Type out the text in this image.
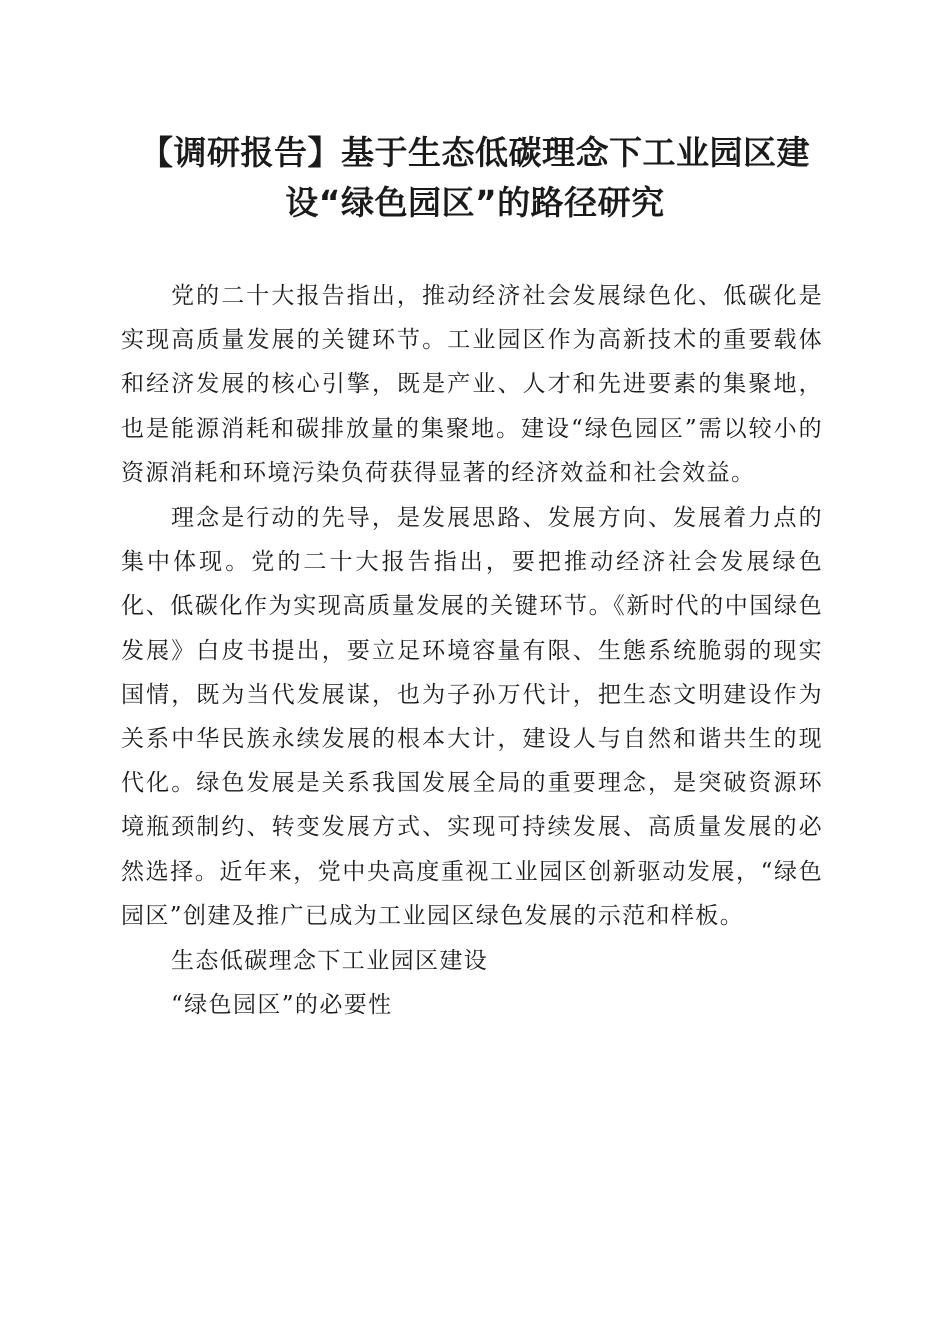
【调研报告】基于生态低碳理念下工业园区建
设“绿色园区”的路径研究

党的二十大报告指出，推动经济社会发展绿色化、低碳化是实现高质量发展的关键环节。工业园区作为高新技术的重要载体和经济发展的核心引擎，既是产业、人才和先进要素的集聚地，也是能源消耗和碳排放量的集聚地。建设“绿色园区”需以较小的资源消耗和环境污染负荷获得显著的经济效益和社会效益。

理念是行动的先导，是发展思路、发展方向、发展着力点的集中体现。党的二十大报告指出，要把推动经济社会发展绿色化、低碳化作为实现高质量发展的关键环节。《新时代的中国绿色发展》白皮书提出，要立足环境容量有限、生態系统脆弱的现实国情，既为当代发展谋，也为子孙万代计，把生态文明建设作为关系中华民族永续发展的根本大计，建设人与自然和谐共生的现代化。绿色发展是关系我国发展全局的重要理念，是突破资源环境瓶颈制约、转变发展方式、实现可持续发展、高质量发展的必然选择。近年来，党中央高度重视工业园区创新驱动发展，“绿色园区”创建及推广已成为工业园区绿色发展的示范和样板。

生态低碳理念下工业园区建设

“绿色园区”的必要性
